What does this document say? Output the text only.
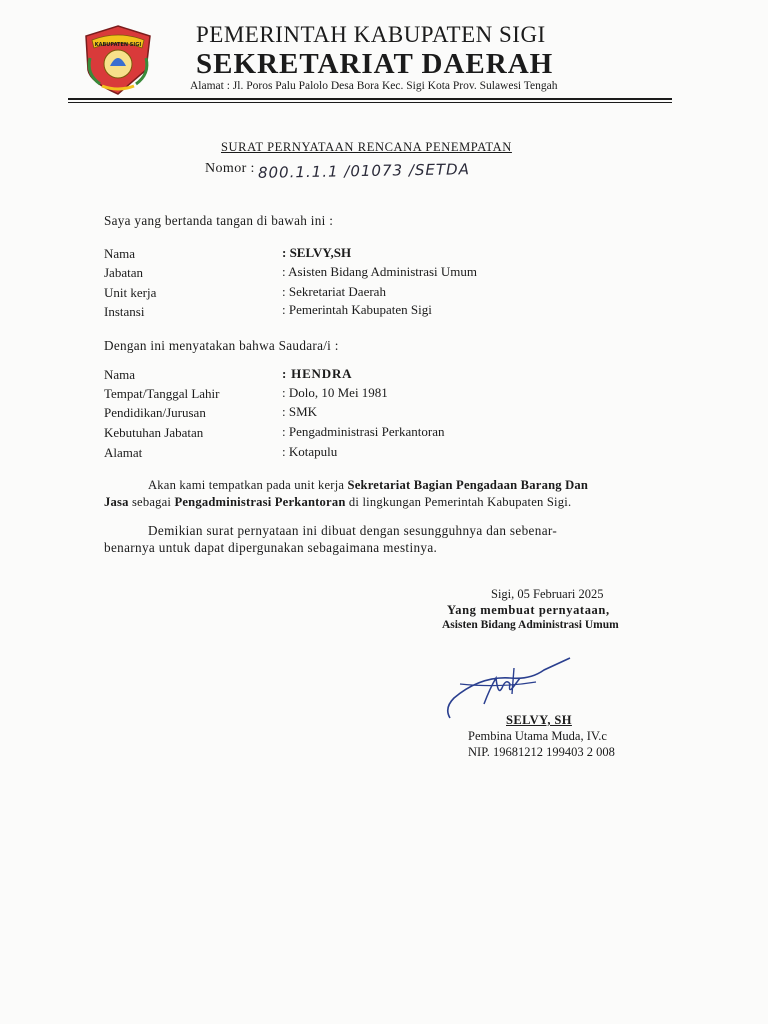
KABUPATEN SIGI PEMERINTAH KABUPATEN SIGI
SEKRETARIAT DAERAH
Alamat : Jl. Poros Palu Palolo Desa Bora Kec. Sigi Kota Prov. Sulawesi Tengah
SURAT PERNYATAAN RENCANA PENEMPATAN
Nomor : 800.1.1.1 /01073 /SETDA
Saya yang bertanda tangan di bawah ini :
Nama	: SELVY,SH
Jabatan	: Asisten Bidang Administrasi Umum
Unit kerja	: Sekretariat Daerah
Instansi	: Pemerintah Kabupaten Sigi
Dengan ini menyatakan bahwa Saudara/i :
Nama	: HENDRA
Tempat/Tanggal Lahir	: Dolo, 10 Mei 1981
Pendidikan/Jurusan	: SMK
Kebutuhan Jabatan	: Pengadministrasi Perkantoran
Alamat	: Kotapulu
Akan kami tempatkan pada unit kerja Sekretariat Bagian Pengadaan Barang Dan
Jasa sebagai Pengadministrasi Perkantoran di lingkungan Pemerintah Kabupaten Sigi.
Demikian surat pernyataan ini dibuat dengan sesungguhnya dan sebenar-
benarnya untuk dapat dipergunakan sebagaimana mestinya.
Sigi, 05 Februari 2025
Yang membuat pernyataan,
Asisten Bidang Administrasi Umum
SELVY, SH
Pembina Utama Muda, IV.c
NIP. 19681212 199403 2 008
